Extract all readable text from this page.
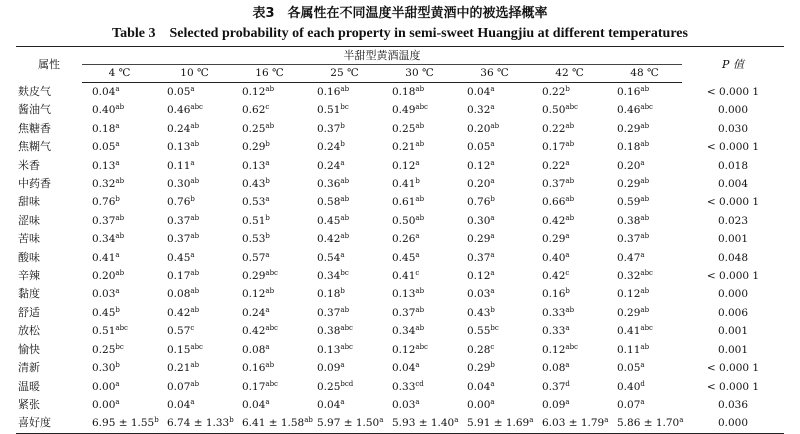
表3　各属性在不同温度半甜型黄酒中的被选择概率
Table 3　Selected probability of each property in semi-sweet Huangjiu at different temperatures
属性	半甜型黄酒温度								P 值
	4 ℃	10 ℃	16 ℃	25 ℃	30 ℃	36 ℃	42 ℃	48 ℃	
麸皮气	0.04$^a$	0.05$^a$	0.12$^{ab}$	0.16$^{ab}$	0.18$^{ab}$	0.04$^a$	0.22$^b$	0.16$^{ab}$	< 0.000 1
酱油气	0.40$^{ab}$	0.46$^{abc}$	0.62$^c$	0.51$^{bc}$	0.49$^{abc}$	0.32$^a$	0.50$^{abc}$	0.46$^{abc}$	0.000
焦糖香	0.18$^a$	0.24$^{ab}$	0.25$^{ab}$	0.37$^b$	0.25$^{ab}$	0.20$^{ab}$	0.22$^{ab}$	0.29$^{ab}$	0.030
焦糊气	0.05$^a$	0.13$^{ab}$	0.29$^b$	0.24$^b$	0.21$^{ab}$	0.05$^a$	0.17$^{ab}$	0.18$^{ab}$	< 0.000 1
米香	0.13$^a$	0.11$^a$	0.13$^a$	0.24$^a$	0.12$^a$	0.12$^a$	0.22$^a$	0.20$^a$	0.018
中药香	0.32$^{ab}$	0.30$^{ab}$	0.43$^b$	0.36$^{ab}$	0.41$^b$	0.20$^a$	0.37$^{ab}$	0.29$^{ab}$	0.004
甜味	0.76$^b$	0.76$^b$	0.53$^a$	0.58$^{ab}$	0.61$^{ab}$	0.76$^b$	0.66$^{ab}$	0.59$^{ab}$	< 0.000 1
涩味	0.37$^{ab}$	0.37$^{ab}$	0.51$^b$	0.45$^{ab}$	0.50$^{ab}$	0.30$^a$	0.42$^{ab}$	0.38$^{ab}$	0.023
苦味	0.34$^{ab}$	0.37$^{ab}$	0.53$^b$	0.42$^{ab}$	0.26$^a$	0.29$^a$	0.29$^a$	0.37$^{ab}$	0.001
酸味	0.41$^a$	0.45$^a$	0.57$^a$	0.54$^a$	0.45$^a$	0.37$^a$	0.40$^a$	0.47$^a$	0.048
辛辣	0.20$^{ab}$	0.17$^{ab}$	0.29$^{abc}$	0.34$^{bc}$	0.41$^c$	0.12$^a$	0.42$^c$	0.32$^{abc}$	< 0.000 1
黏度	0.03$^a$	0.08$^{ab}$	0.12$^{ab}$	0.18$^b$	0.13$^{ab}$	0.03$^a$	0.16$^b$	0.12$^{ab}$	0.000
舒适	0.45$^b$	0.42$^{ab}$	0.24$^a$	0.37$^{ab}$	0.37$^{ab}$	0.43$^b$	0.33$^{ab}$	0.29$^{ab}$	0.006
放松	0.51$^{abc}$	0.57$^c$	0.42$^{abc}$	0.38$^{abc}$	0.34$^{ab}$	0.55$^{bc}$	0.33$^a$	0.41$^{abc}$	0.001
愉快	0.25$^{bc}$	0.15$^{abc}$	0.08$^a$	0.13$^{abc}$	0.12$^{abc}$	0.28$^c$	0.12$^{abc}$	0.11$^{ab}$	0.001
清新	0.30$^b$	0.21$^{ab}$	0.16$^{ab}$	0.09$^a$	0.04$^a$	0.29$^b$	0.08$^a$	0.05$^a$	< 0.000 1
温暖	0.00$^a$	0.07$^{ab}$	0.17$^{abc}$	0.25$^{bcd}$	0.33$^{cd}$	0.04$^a$	0.37$^d$	0.40$^d$	< 0.000 1
紧张	0.00$^a$	0.04$^a$	0.04$^a$	0.04$^a$	0.03$^a$	0.00$^a$	0.09$^a$	0.07$^a$	0.036
喜好度	6.95 ± 1.55$^b$	6.74 ± 1.33$^b$	6.41 ± 1.58$^{ab}$	5.97 ± 1.50$^a$	5.93 ± 1.40$^a$	5.91 ± 1.69$^a$	6.03 ± 1.79$^a$	5.86 ± 1.70$^a$	0.000
